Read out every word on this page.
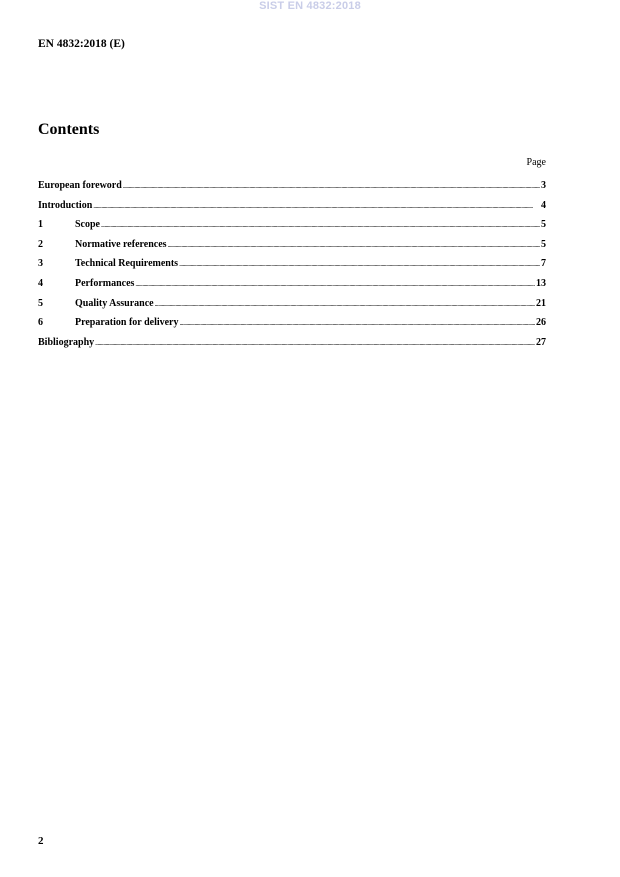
SIST EN 4832:2018
EN 4832:2018 (E)
Contents
Page
European foreword .....	3
Introduction .....	4
1	Scope .....	5
2	Normative references .....	5
3	Technical Requirements .....	7
4	Performances .....	13
5	Quality Assurance .....	21
6	Preparation for delivery .....	26
Bibliography .....	27
2
